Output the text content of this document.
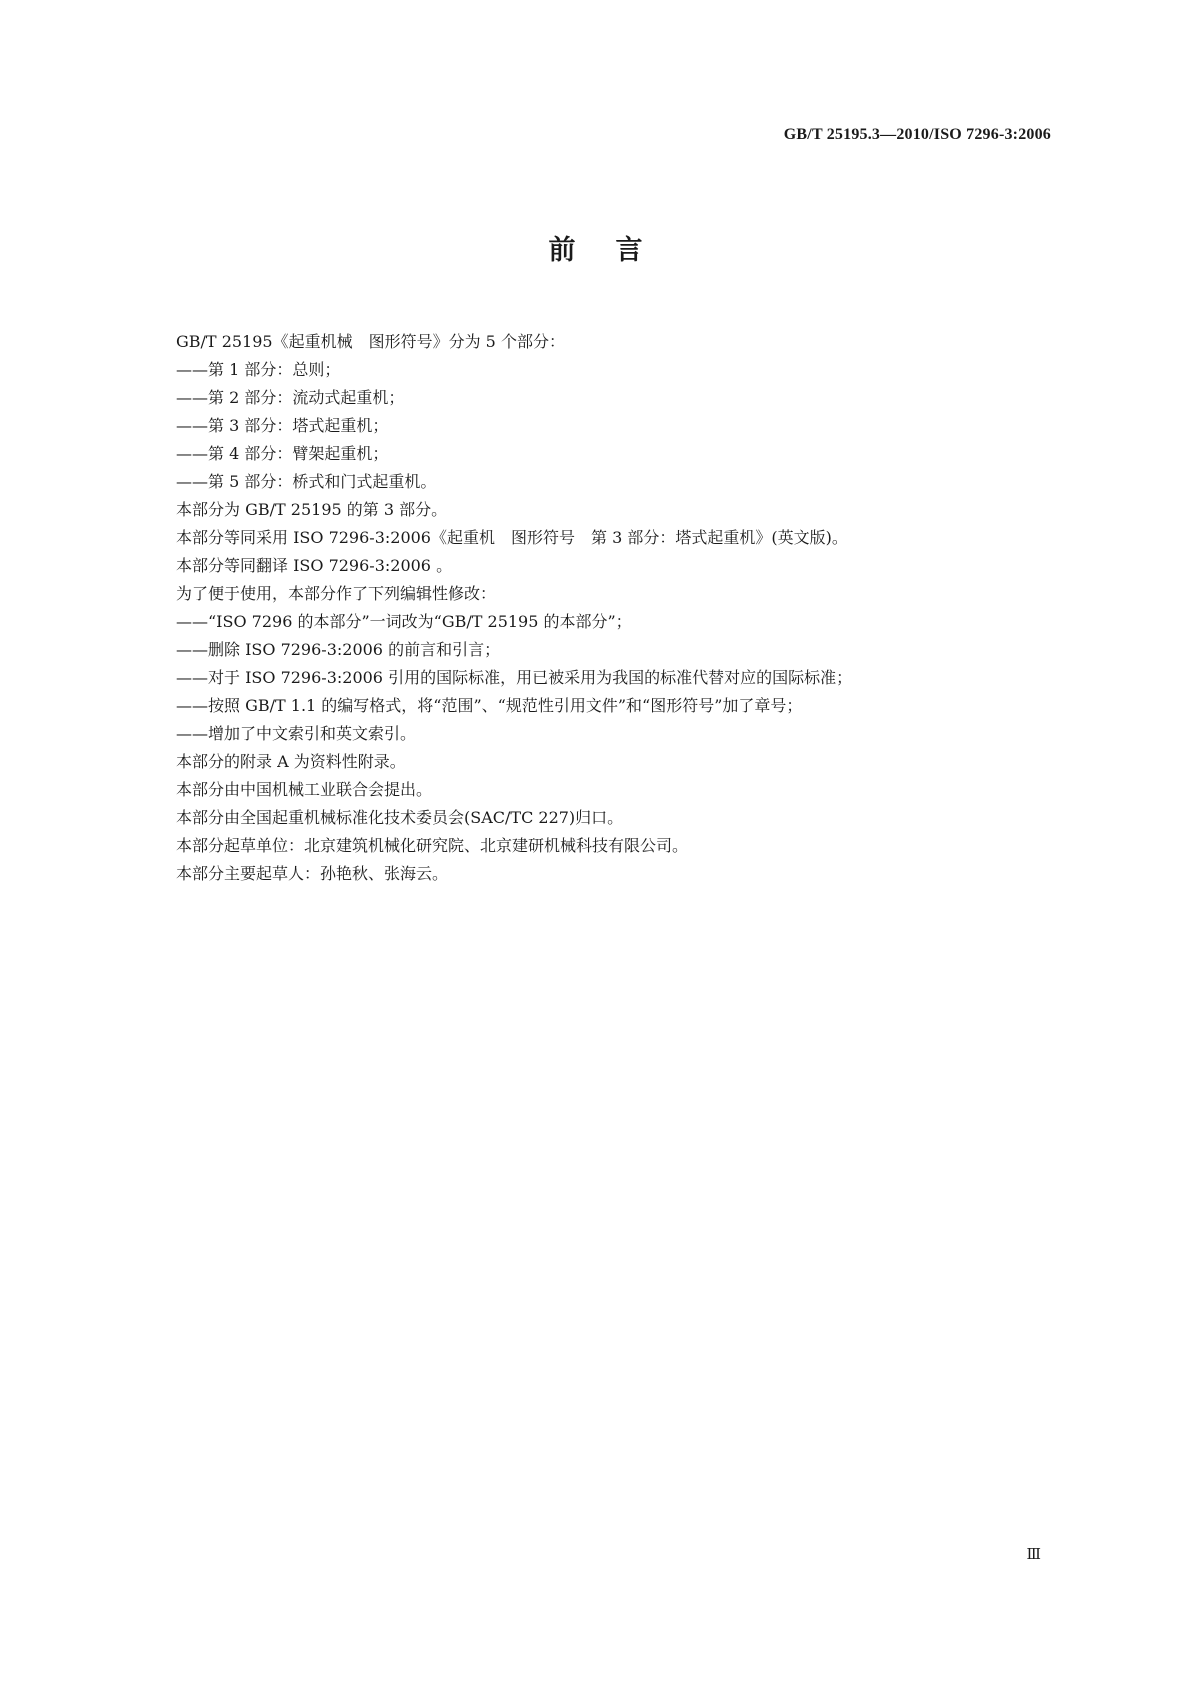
GB/T 25195.3—2010/ISO 7296-3:2006
前言
GB/T 25195《起重机械　图形符号》分为 5 个部分：
——第 1 部分：总则；
——第 2 部分：流动式起重机；
——第 3 部分：塔式起重机；
——第 4 部分：臂架起重机；
——第 5 部分：桥式和门式起重机。
本部分为 GB/T 25195 的第 3 部分。
本部分等同采用 ISO 7296-3:2006《起重机　图形符号　第 3 部分：塔式起重机》(英文版)。
本部分等同翻译 ISO 7296-3:2006 。
为了便于使用，本部分作了下列编辑性修改：
——“ISO 7296 的本部分”一词改为“GB/T 25195 的本部分”；
——删除 ISO 7296-3:2006 的前言和引言；
——对于 ISO 7296-3:2006 引用的国际标准，用已被采用为我国的标准代替对应的国际标准；
——按照 GB/T 1.1 的编写格式，将“范围”、“规范性引用文件”和“图形符号”加了章号；
——增加了中文索引和英文索引。
本部分的附录 A 为资料性附录。
本部分由中国机械工业联合会提出。
本部分由全国起重机械标准化技术委员会(SAC/TC 227)归口。
本部分起草单位：北京建筑机械化研究院、北京建研机械科技有限公司。
本部分主要起草人：孙艳秋、张海云。
Ⅲ
